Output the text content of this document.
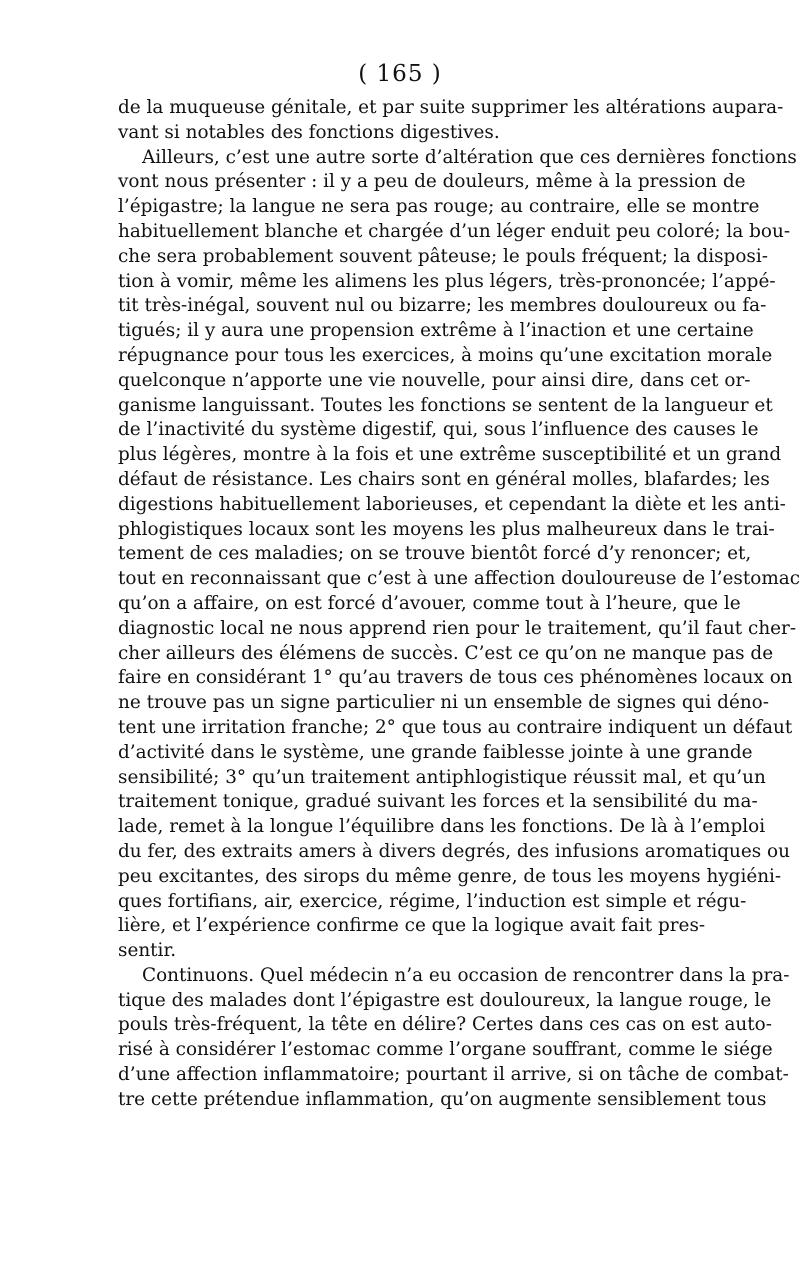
( 165 )
de la muqueuse génitale, et par suite supprimer les altérations aupara-
vant si notables des fonctions digestives.
Ailleurs, c’est une autre sorte d’altération que ces dernières fonctions
vont nous présenter : il y a peu de douleurs, même à la pression de
l’épigastre; la langue ne sera pas rouge; au contraire, elle se montre
habituellement blanche et chargée d’un léger enduit peu coloré; la bou-
che sera probablement souvent pâteuse; le pouls fréquent; la disposi-
tion à vomir, même les alimens les plus légers, très-prononcée; l’appé-
tit très-inégal, souvent nul ou bizarre; les membres douloureux ou fa-
tigués; il y aura une propension extrême à l’inaction et une certaine
répugnance pour tous les exercices, à moins qu’une excitation morale
quelconque n’apporte une vie nouvelle, pour ainsi dire, dans cet or-
ganisme languissant. Toutes les fonctions se sentent de la langueur et
de l’inactivité du système digestif, qui, sous l’influence des causes le
plus légères, montre à la fois et une extrême susceptibilité et un grand
défaut de résistance. Les chairs sont en général molles, blafardes; les
digestions habituellement laborieuses, et cependant la diète et les anti-
phlogistiques locaux sont les moyens les plus malheureux dans le trai-
tement de ces maladies; on se trouve bientôt forcé d’y renoncer; et,
tout en reconnaissant que c’est à une affection douloureuse de l’estomac
qu’on a affaire, on est forcé d’avouer, comme tout à l’heure, que le
diagnostic local ne nous apprend rien pour le traitement, qu’il faut cher-
cher ailleurs des élémens de succès. C’est ce qu’on ne manque pas de
faire en considérant 1° qu’au travers de tous ces phénomènes locaux on
ne trouve pas un signe particulier ni un ensemble de signes qui déno-
tent une irritation franche; 2° que tous au contraire indiquent un défaut
d’activité dans le système, une grande faiblesse jointe à une grande
sensibilité; 3° qu’un traitement antiphlogistique réussit mal, et qu’un
traitement tonique, gradué suivant les forces et la sensibilité du ma-
lade, remet à la longue l’équilibre dans les fonctions. De là à l’emploi
du fer, des extraits amers à divers degrés, des infusions aromatiques ou
peu excitantes, des sirops du même genre, de tous les moyens hygiéni-
ques fortifians, air, exercice, régime, l’induction est simple et régu-
lière, et l’expérience confirme ce que la logique avait fait pres-
sentir.
Continuons. Quel médecin n’a eu occasion de rencontrer dans la pra-
tique des malades dont l’épigastre est douloureux, la langue rouge, le
pouls très-fréquent, la tête en délire? Certes dans ces cas on est auto-
risé à considérer l’estomac comme l’organe souffrant, comme le siége
d’une affection inflammatoire; pourtant il arrive, si on tâche de combat-
tre cette prétendue inflammation, qu’on augmente sensiblement tous
